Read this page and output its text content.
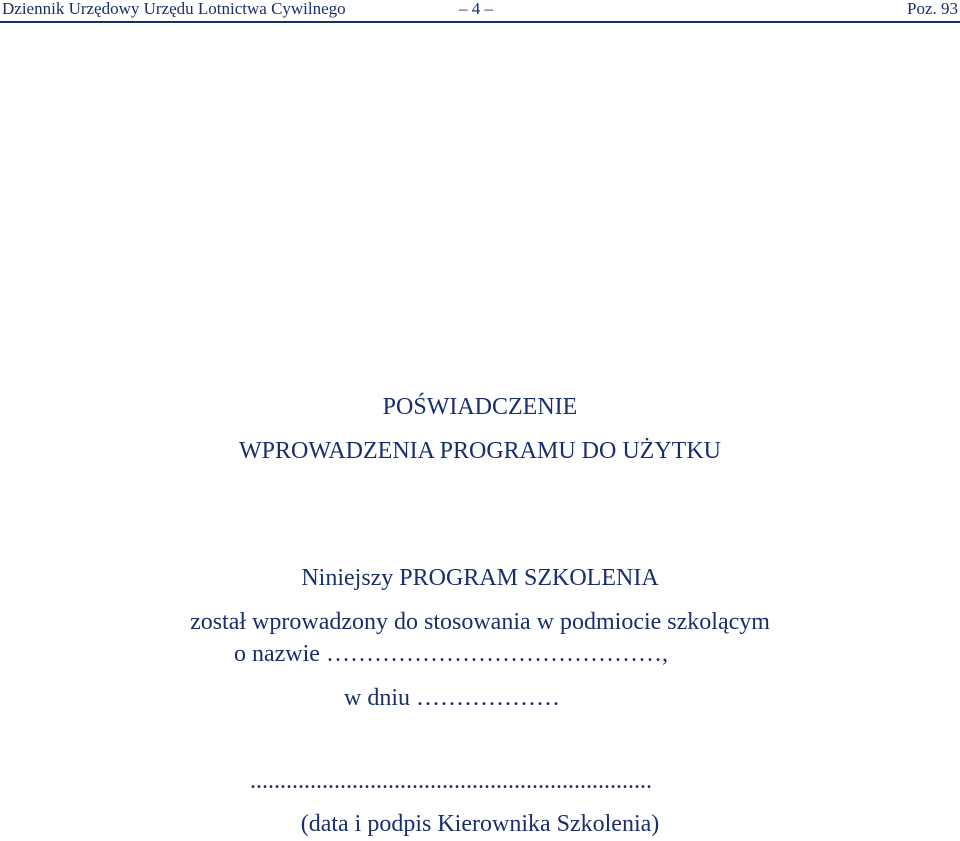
Dziennik Urzędowy Urzędu Lotnictwa Cywilnego	– 4 –	Poz. 93
POŚWIADCZENIE
WPROWADZENIA PROGRAMU DO UŻYTKU
Niniejszy PROGRAM SZKOLENIA
został wprowadzony do stosowania w podmiocie szkolącym
o nazwie ……………………………………,
w dniu ………………
...................................................................
(data i podpis Kierownika Szkolenia)
